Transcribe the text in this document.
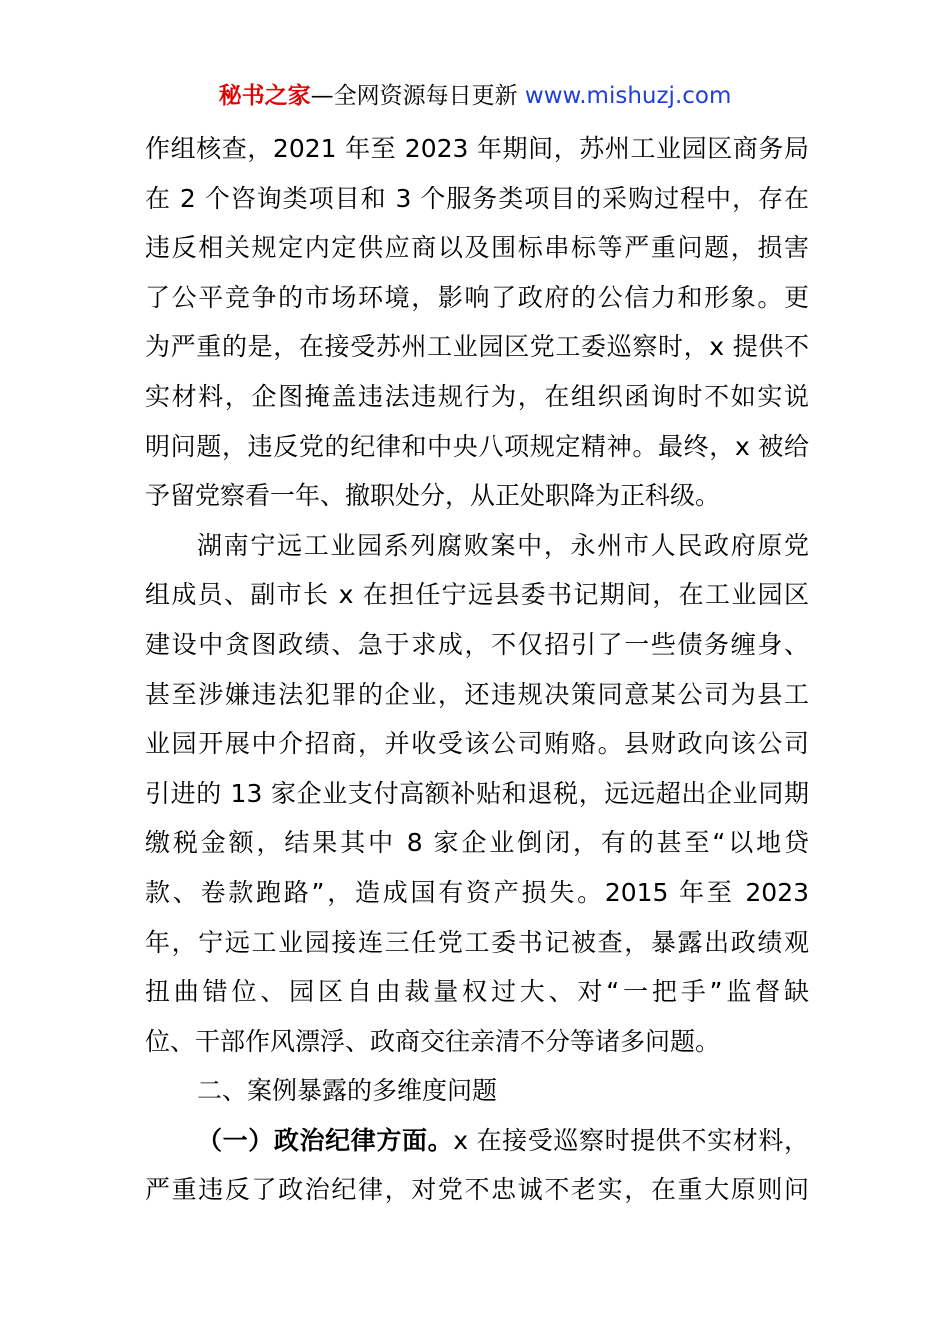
秘书之家—全网资源每日更新 www.mishuzj.com
作组核查，2021 年至 2023 年期间，苏州工业园区商务局
在 2 个咨询类项目和 3 个服务类项目的采购过程中，存在
违反相关规定内定供应商以及围标串标等严重问题，损害
了公平竞争的市场环境，影响了政府的公信力和形象。更
为严重的是，在接受苏州工业园区党工委巡察时，x 提供不
实材料，企图掩盖违法违规行为，在组织函询时不如实说
明问题，违反党的纪律和中央八项规定精神。最终，x 被给
予留党察看一年、撤职处分，从正处职降为正科级。
湖南宁远工业园系列腐败案中，永州市人民政府原党
组成员、副市长 x 在担任宁远县委书记期间，在工业园区
建设中贪图政绩、急于求成，不仅招引了一些债务缠身、
甚至涉嫌违法犯罪的企业，还违规决策同意某公司为县工
业园开展中介招商，并收受该公司贿赂。县财政向该公司
引进的 13 家企业支付高额补贴和退税，远远超出企业同期
缴税金额，结果其中 8 家企业倒闭，有的甚至“以地贷
款、卷款跑路”，造成国有资产损失。2015 年至 2023
年，宁远工业园接连三任党工委书记被查，暴露出政绩观
扭曲错位、园区自由裁量权过大、对“一把手”监督缺
位、干部作风漂浮、政商交往亲清不分等诸多问题。
二、案例暴露的多维度问题
（一）政治纪律方面。x 在接受巡察时提供不实材料，
严重违反了政治纪律，对党不忠诚不老实，在重大原则问
